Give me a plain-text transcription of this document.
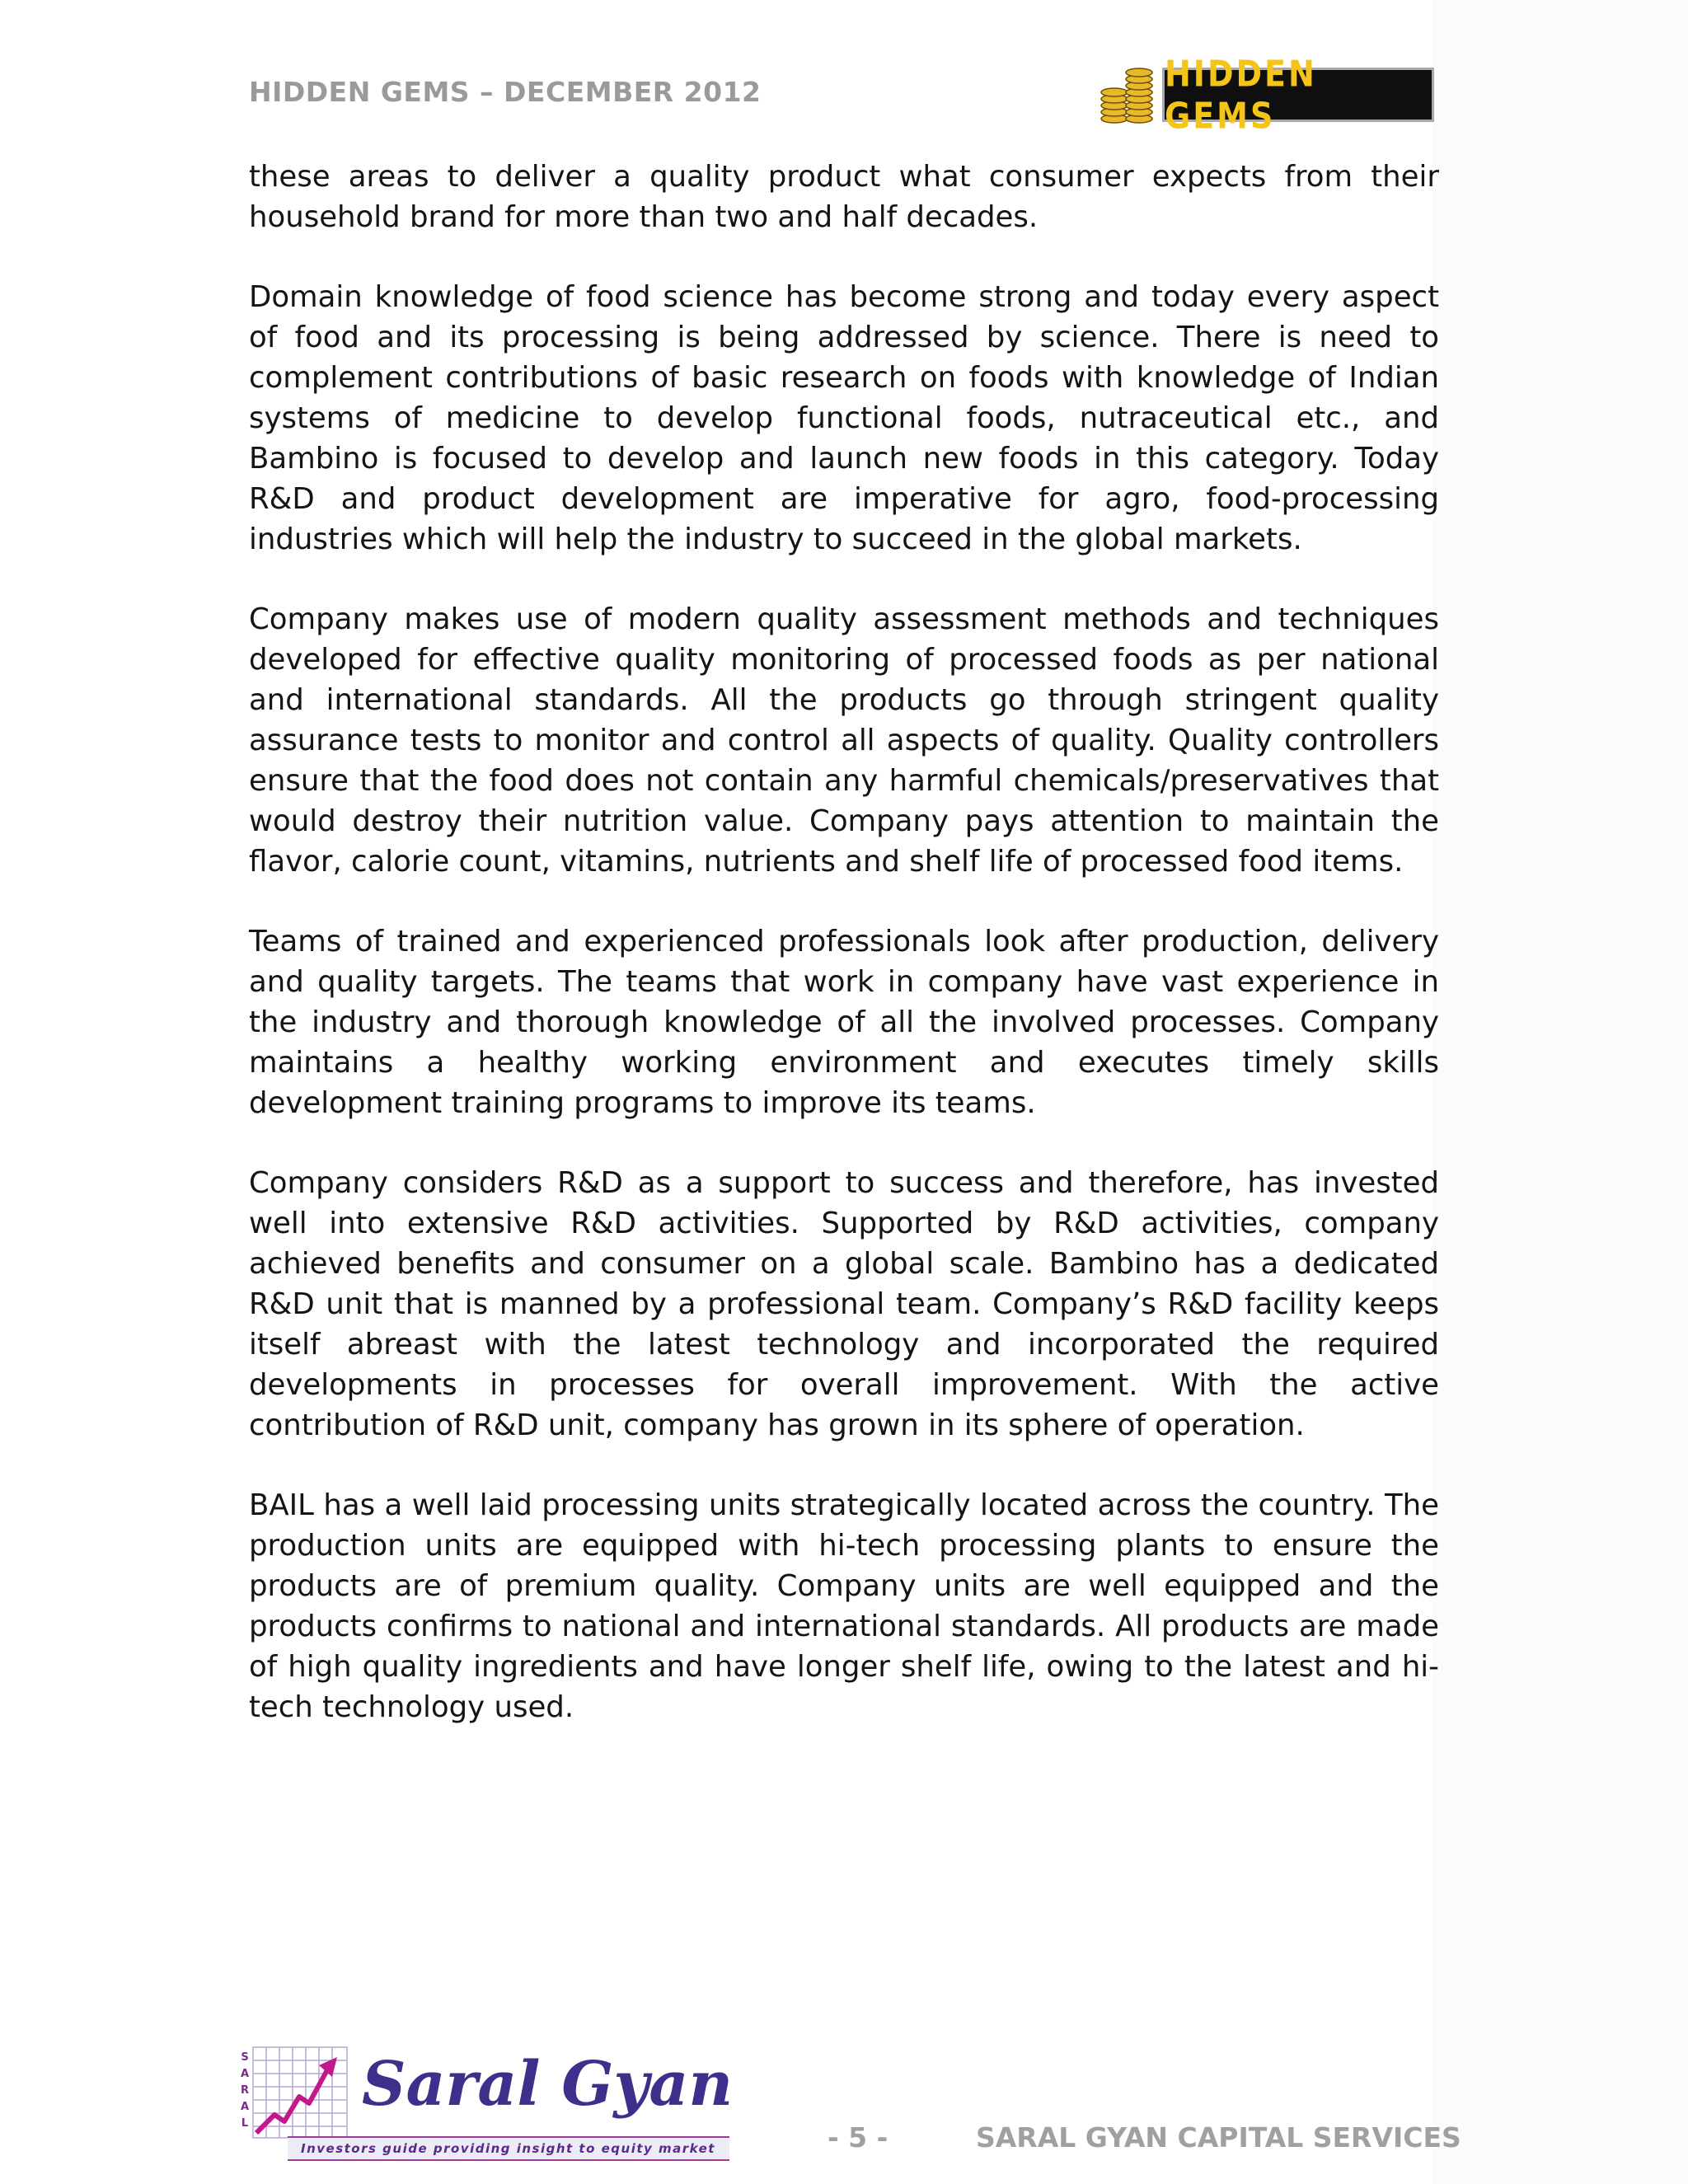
HIDDEN GEMS – DECEMBER 2012	HIDDEN GEMS

these areas to deliver a quality product what consumer expects from their household brand for more than two and half decades.

Domain knowledge of food science has become strong and today every aspect of food and its processing is being addressed by science. There is need to complement contributions of basic research on foods with knowledge of Indian systems of medicine to develop functional foods, nutraceutical etc., and Bambino is focused to develop and launch new foods in this category. Today R&D and product development are imperative for agro, food-processing industries which will help the industry to succeed in the global markets.

Company makes use of modern quality assessment methods and techniques developed for effective quality monitoring of processed foods as per national and international standards. All the products go through stringent quality assurance tests to monitor and control all aspects of quality. Quality controllers ensure that the food does not contain any harmful chemicals/preservatives that would destroy their nutrition value. Company pays attention to maintain the flavor, calorie count, vitamins, nutrients and shelf life of processed food items.

Teams of trained and experienced professionals look after production, delivery and quality targets. The teams that work in company have vast experience in the industry and thorough knowledge of all the involved processes. Company maintains a healthy working environment and executes timely skills development training programs to improve its teams.

Company considers R&D as a support to success and therefore, has invested well into extensive R&D activities. Supported by R&D activities, company achieved benefits and consumer on a global scale. Bambino has a dedicated R&D unit that is manned by a professional team. Company’s R&D facility keeps itself abreast with the latest technology and incorporated the required developments in processes for overall improvement. With the active contribution of R&D unit, company has grown in its sphere of operation.

BAIL has a well laid processing units strategically located across the country. The production units are equipped with hi-tech processing plants to ensure the products are of premium quality. Company units are well equipped and the products confirms to national and international standards. All products are made of high quality ingredients and have longer shelf life, owing to the latest and hi-tech technology used.

S
A
R
A
L
Saral Gyan
Investors guide providing insight to equity market	- 5 -	SARAL GYAN CAPITAL SERVICES
